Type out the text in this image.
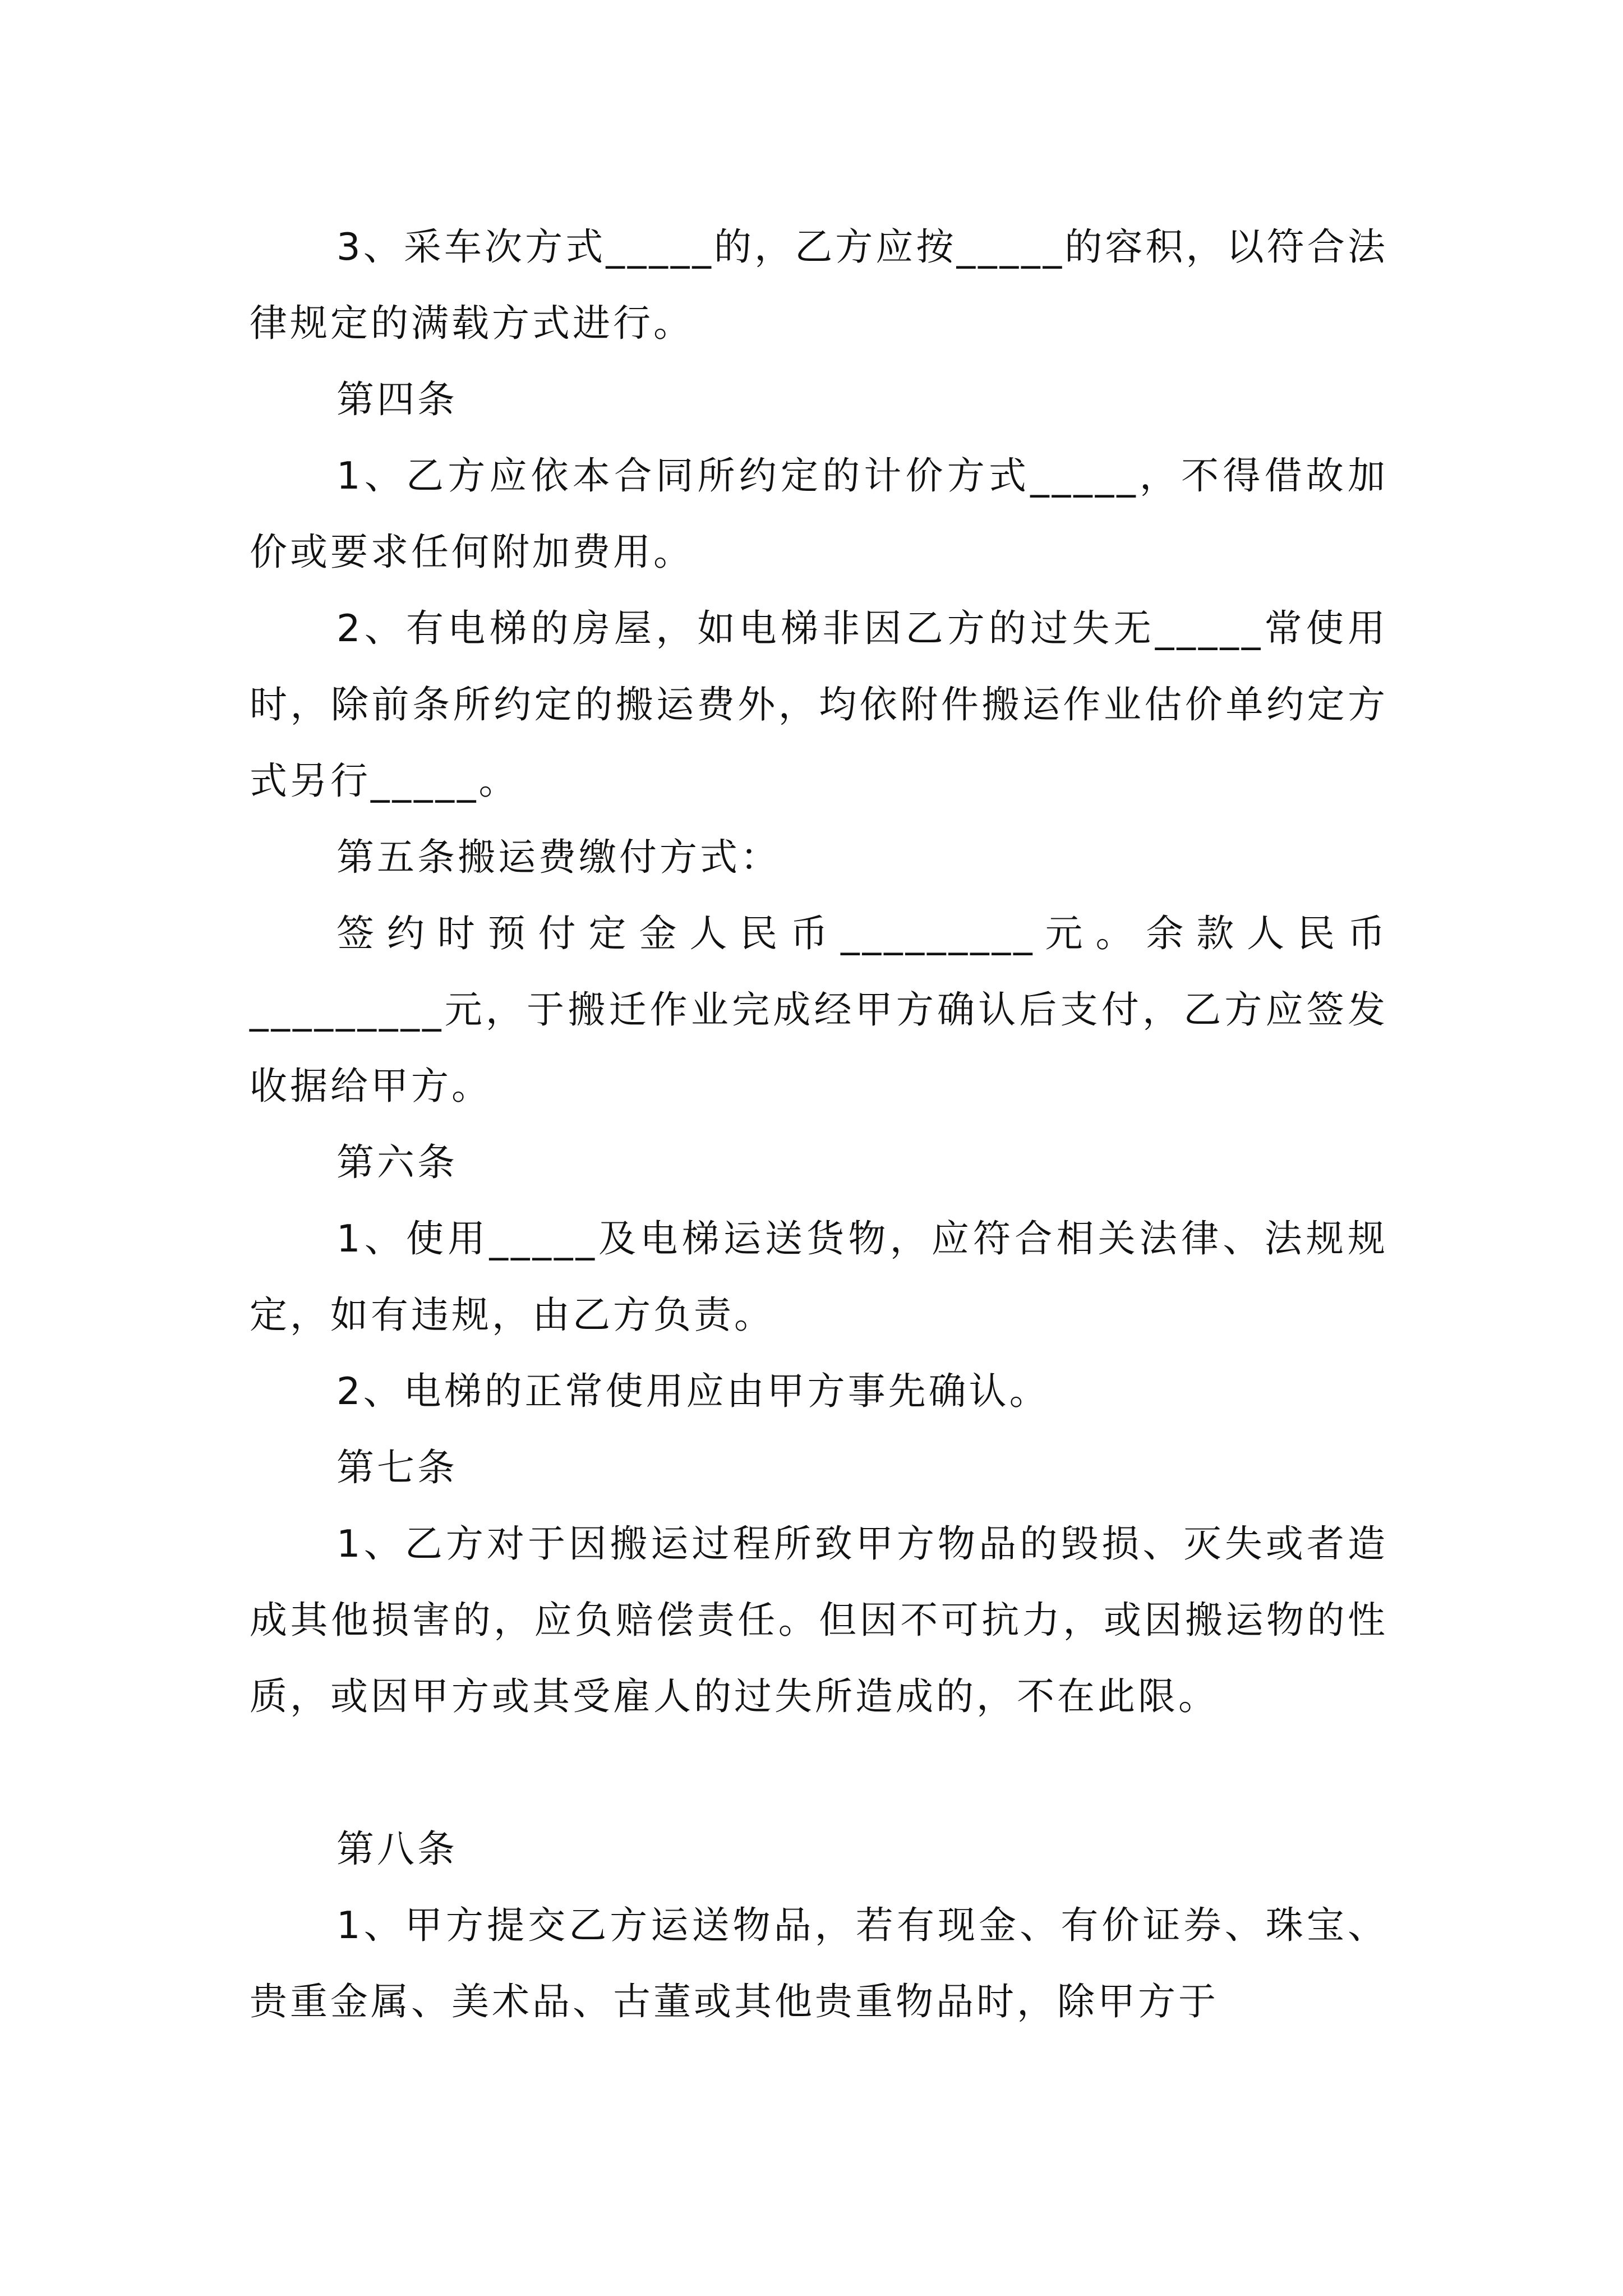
3、采车次方式_____的，乙方应按_____的容积，以符合法律规定的满载方式进行。

第四条

1、乙方应依本合同所约定的计价方式_____，不得借故加价或要求任何附加费用。

2、有电梯的房屋，如电梯非因乙方的过失无_____常使用时，除前条所约定的搬运费外，均依附件搬运作业估价单约定方式另行_____。

第五条搬运费缴付方式：

签约时预付定金人民币_________元。余款人民币_________元，于搬迁作业完成经甲方确认后支付，乙方应签发收据给甲方。

第六条

1、使用_____及电梯运送货物，应符合相关法律、法规规定，如有违规，由乙方负责。

2、电梯的正常使用应由甲方事先确认。

第七条

1、乙方对于因搬运过程所致甲方物品的毁损、灭失或者造成其他损害的，应负赔偿责任。但因不可抗力，或因搬运物的性质，或因甲方或其受雇人的过失所造成的，不在此限。

第八条

1、甲方提交乙方运送物品，若有现金、有价证券、珠宝、贵重金属、美术品、古董或其他贵重物品时，除甲方于
